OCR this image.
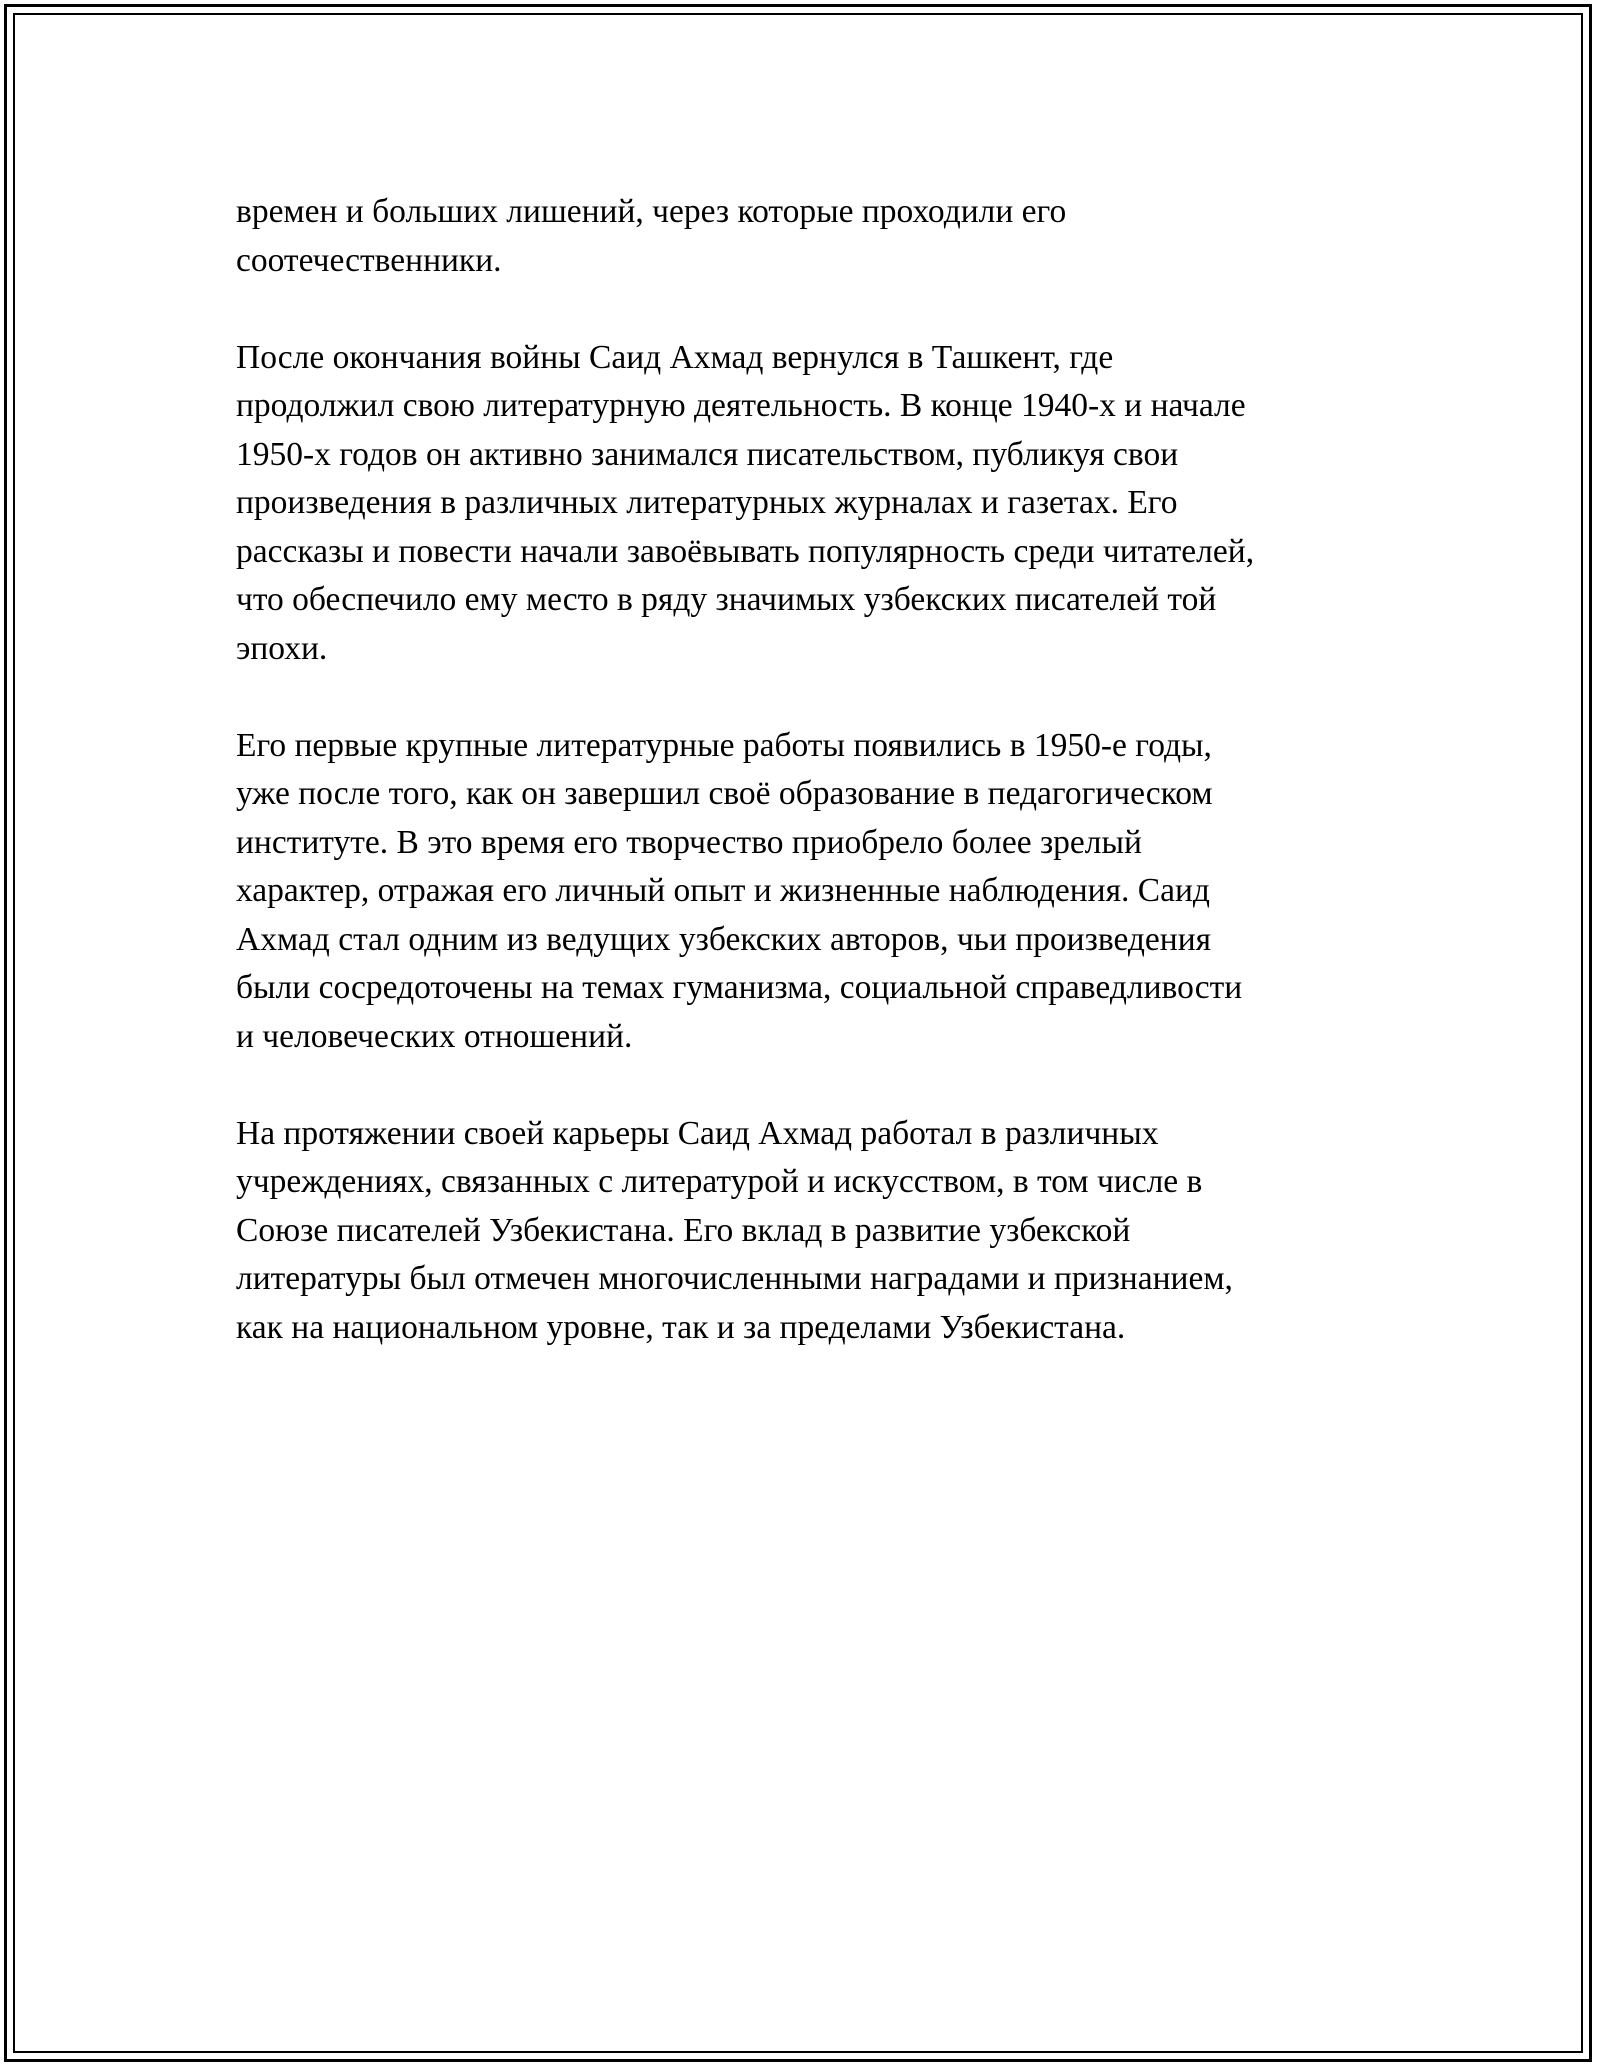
времен и больших лишений, через которые проходили его
соотечественники.

После окончания войны Саид Ахмад вернулся в Ташкент, где
продолжил свою литературную деятельность. В конце 1940-х и начале
1950-х годов он активно занимался писательством, публикуя свои
произведения в различных литературных журналах и газетах. Его
рассказы и повести начали завоёвывать популярность среди читателей,
что обеспечило ему место в ряду значимых узбекских писателей той
эпохи.

Его первые крупные литературные работы появились в 1950-е годы,
уже после того, как он завершил своё образование в педагогическом
институте. В это время его творчество приобрело более зрелый
характер, отражая его личный опыт и жизненные наблюдения. Саид
Ахмад стал одним из ведущих узбекских авторов, чьи произведения
были сосредоточены на темах гуманизма, социальной справедливости
и человеческих отношений.

На протяжении своей карьеры Саид Ахмад работал в различных
учреждениях, связанных с литературой и искусством, в том числе в
Союзе писателей Узбекистана. Его вклад в развитие узбекской
литературы был отмечен многочисленными наградами и признанием,
как на национальном уровне, так и за пределами Узбекистана.
